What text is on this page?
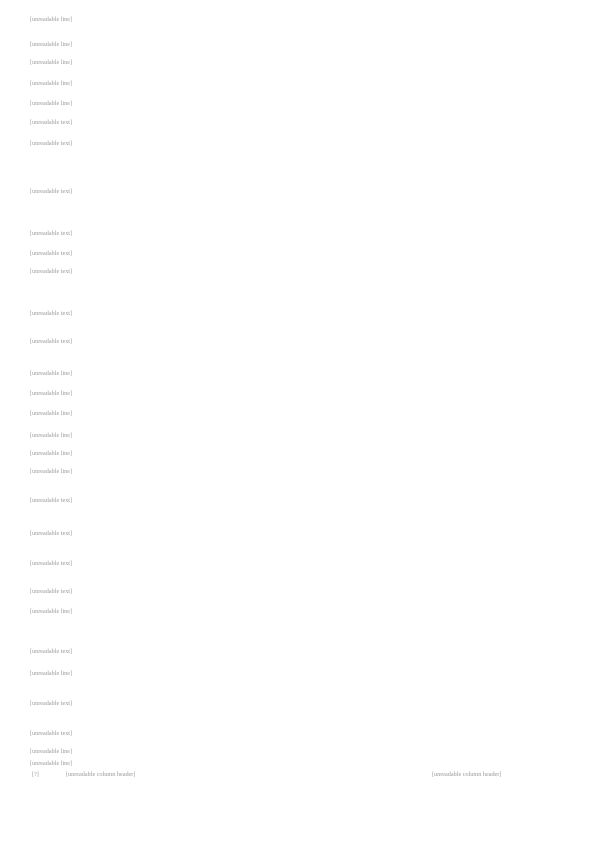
[unreadable line]
[unreadable line]
[unreadable line]
[unreadable line]
[unreadable line]
[unreadable text]
[unreadable text]
[unreadable text]
[unreadable text]
[unreadable text]
[unreadable text]
[unreadable text]
[unreadable text]
[unreadable line]
[unreadable line]
[unreadable line]
[unreadable line]
[unreadable line]
[unreadable line]
[unreadable text]
[unreadable text]
[unreadable text]
[unreadable text]
[unreadable line]
[unreadable text]
[unreadable line]
[unreadable text]
[unreadable text]
[unreadable line]
[unreadable line]
[?]	[unreadable column header]	[unreadable column header]
